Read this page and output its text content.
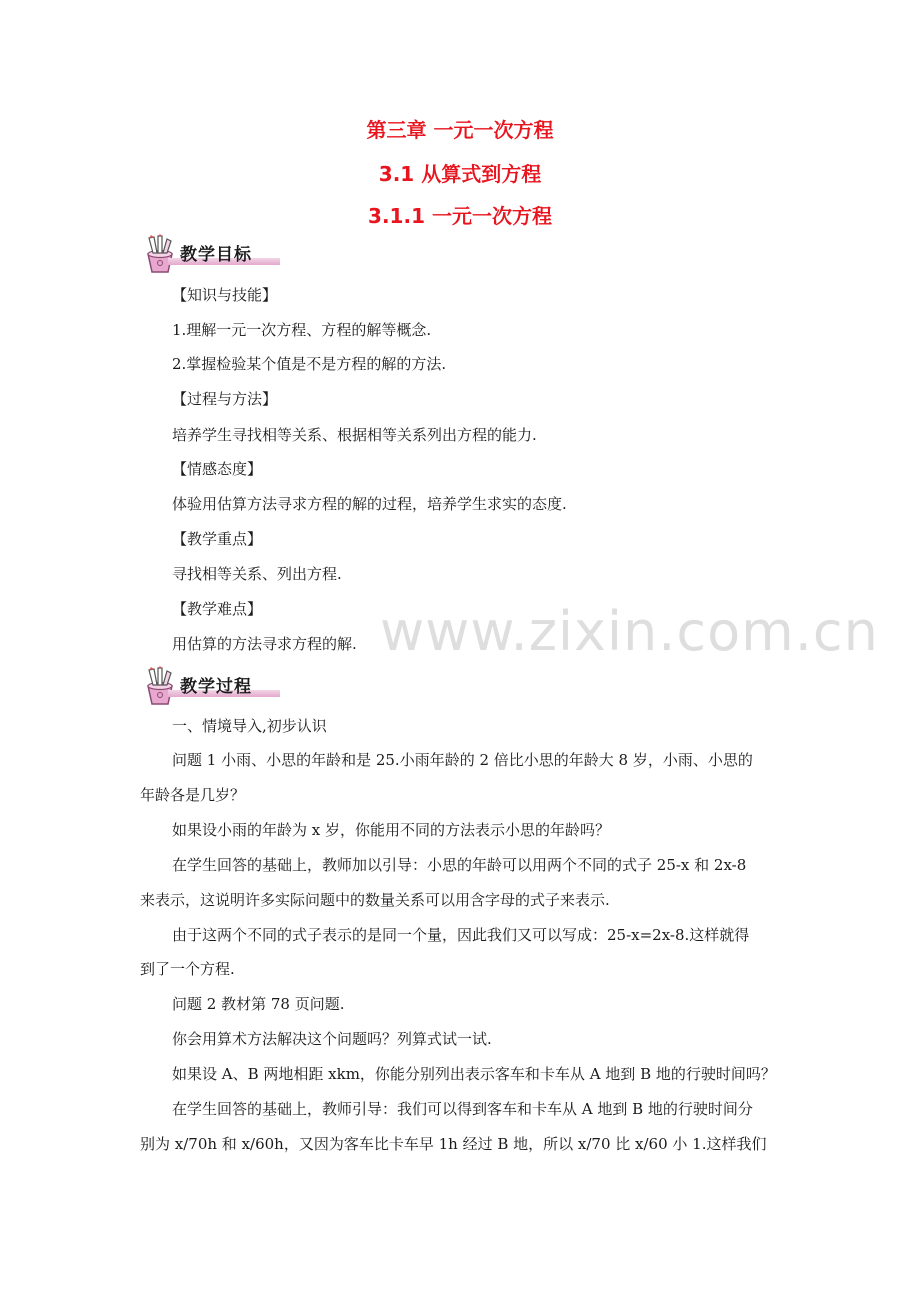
第三章 一元一次方程
3.1 从算式到方程
3.1.1 一元一次方程
教学目标
【知识与技能】
1.理解一元一次方程、方程的解等概念.
2.掌握检验某个值是不是方程的解的方法.
【过程与方法】
培养学生寻找相等关系、根据相等关系列出方程的能力.
【情感态度】
体验用估算方法寻求方程的解的过程，培养学生求实的态度.
【教学重点】
寻找相等关系、列出方程.
【教学难点】
用估算的方法寻求方程的解.
教学过程
一、情境导入,初步认识
问题 1 小雨、小思的年龄和是 25.小雨年龄的 2 倍比小思的年龄大 8 岁，小雨、小思的
年龄各是几岁？
如果设小雨的年龄为 x 岁，你能用不同的方法表示小思的年龄吗？
在学生回答的基础上，教师加以引导：小思的年龄可以用两个不同的式子 25-x 和 2x-8
来表示，这说明许多实际问题中的数量关系可以用含字母的式子来表示.
由于这两个不同的式子表示的是同一个量，因此我们又可以写成：25-x=2x-8.这样就得
到了一个方程.
问题 2 教材第 78 页问题.
你会用算术方法解决这个问题吗？列算式试一试.
如果设 A、B 两地相距 xkm，你能分别列出表示客车和卡车从 A 地到 B 地的行驶时间吗？
在学生回答的基础上，教师引导：我们可以得到客车和卡车从 A 地到 B 地的行驶时间分
别为 x/70h 和 x/60h，又因为客车比卡车早 1h 经过 B 地，所以 x/70 比 x/60 小 1.这样我们
www.zixin.com.cn
